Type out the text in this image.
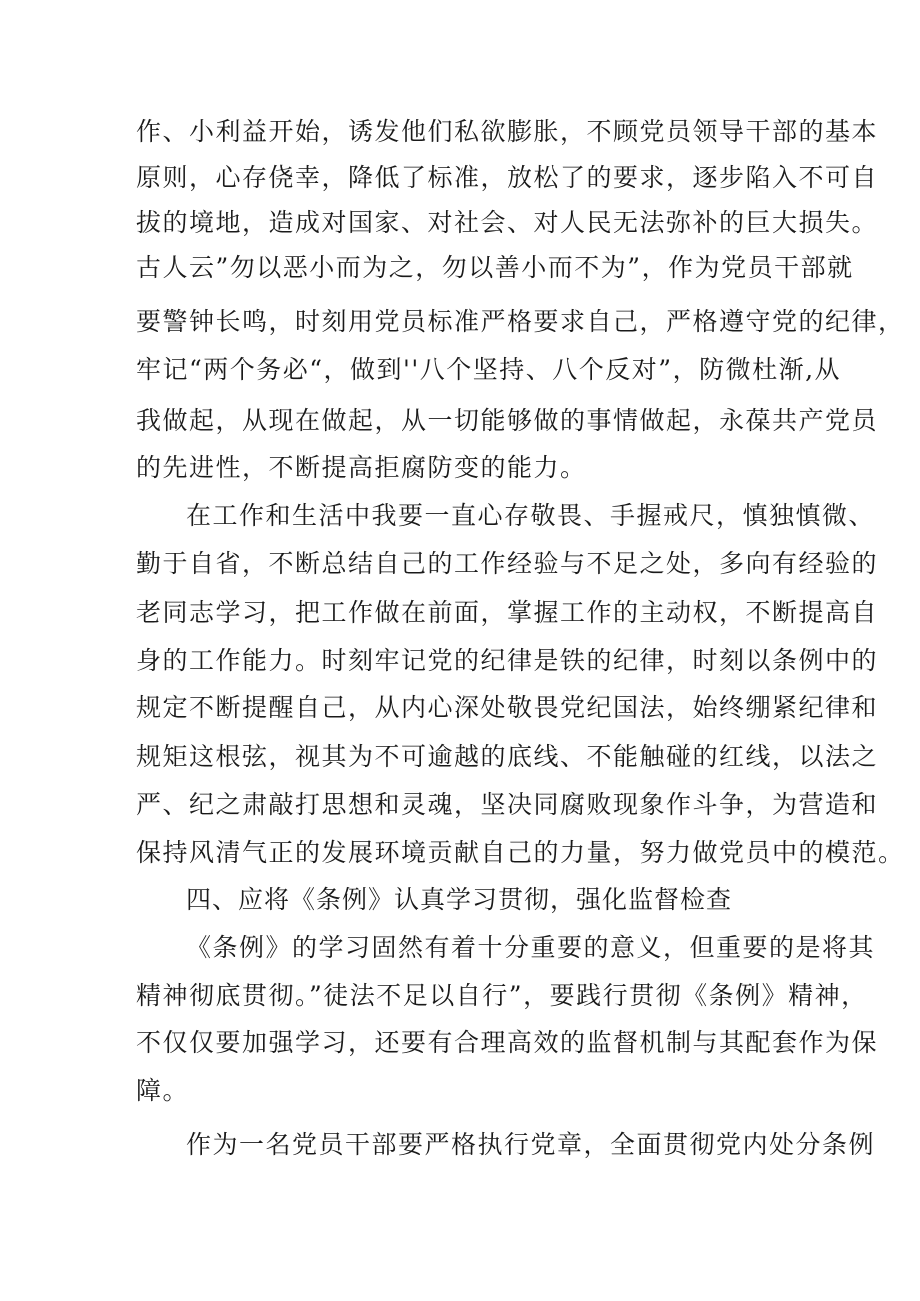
作、小利益开始，诱发他们私欲膨胀，不顾党员领导干部的基本
原则，心存侥幸，降低了标准，放松了的要求，逐步陷入不可自
拔的境地，造成对国家、对社会、对人民无法弥补的巨大损失。
古人云”勿以恶小而为之，勿以善小而不为”，作为党员干部就
要警钟长鸣，时刻用党员标准严格要求自己，严格遵守党的纪律，
牢记“两个务必“，做到''八个坚持、八个反对”，防微杜渐,从
我做起，从现在做起，从一切能够做的事情做起，永葆共产党员
的先进性，不断提高拒腐防变的能力。
在工作和生活中我要一直心存敬畏、手握戒尺，慎独慎微、
勤于自省，不断总结自己的工作经验与不足之处，多向有经验的
老同志学习，把工作做在前面，掌握工作的主动权，不断提高自
身的工作能力。时刻牢记党的纪律是铁的纪律，时刻以条例中的
规定不断提醒自己，从内心深处敬畏党纪国法，始终绷紧纪律和
规矩这根弦，视其为不可逾越的底线、不能触碰的红线，以法之
严、纪之肃敲打思想和灵魂，坚决同腐败现象作斗争，为营造和
保持风清气正的发展环境贡献自己的力量，努力做党员中的模范。
四、应将《条例》认真学习贯彻，强化监督检查
《条例》的学习固然有着十分重要的意义，但重要的是将其
精神彻底贯彻。”徒法不足以自行”，要践行贯彻《条例》精神，
不仅仅要加强学习，还要有合理高效的监督机制与其配套作为保
障。
作为一名党员干部要严格执行党章，全面贯彻党内处分条例
